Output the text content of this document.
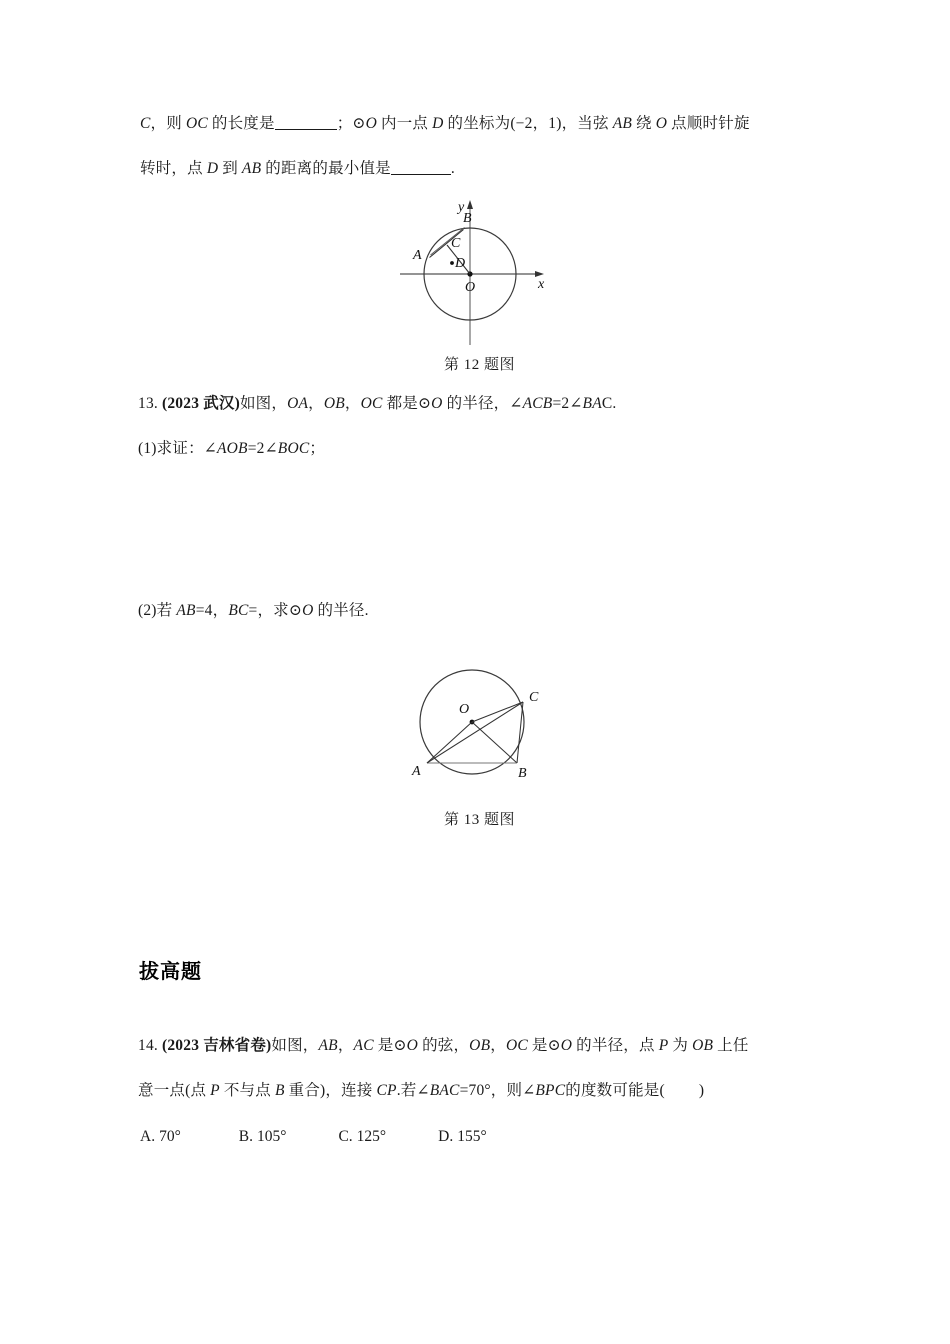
C，则 OC 的长度是	；⊙O 内一点 D 的坐标为(−2，1)，当弦 AB 绕 O 点顺时针旋
转时，点 D 到 AB 的距离的最小值是	.
B
C
A
D
O	x
y
第 12 题图
13. (2023 武汉)如图，OA，OB，OC 都是⊙O 的半径，∠ACB=2∠BAC.
(1)求证：∠AOB=2∠BOC；
(2)若 AB=4，BC=，求⊙O 的半径.
O
C
A	B
第 13 题图
拔高题
14. (2023 吉林省卷)如图，AB，AC 是⊙O 的弦，OB，OC 是⊙O 的半径，点 P 为 OB 上任
意一点(点 P 不与点 B 重合)，连接 CP.若∠BAC=70°，则∠BPC的度数可能是( )
A. 70°	B. 105°	C. 125°	D. 155°
